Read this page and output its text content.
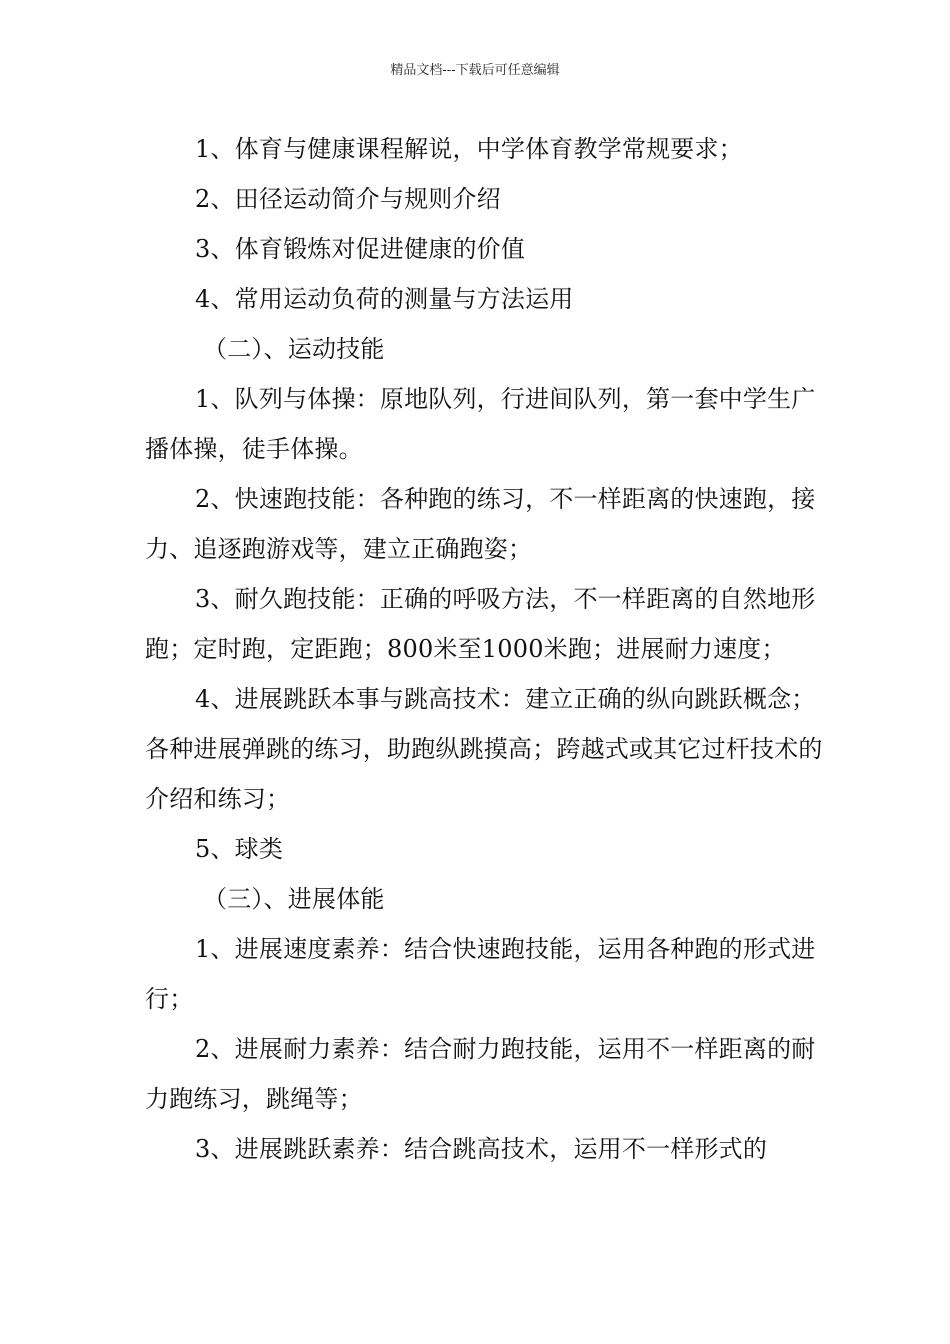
精品文档---下载后可任意编辑

1、体育与健康课程解说，中学体育教学常规要求；

2、田径运动简介与规则介绍

3、体育锻炼对促进健康的价值

4、常用运动负荷的测量与方法运用

（二）、运动技能

1、队列与体操：原地队列，行进间队列，第一套中学生广播体操，徒手体操。

2、快速跑技能：各种跑的练习，不一样距离的快速跑，接力、追逐跑游戏等，建立正确跑姿；

3、耐久跑技能：正确的呼吸方法，不一样距离的自然地形跑；定时跑，定距跑；800米至1000米跑；进展耐力速度；

4、进展跳跃本事与跳高技术：建立正确的纵向跳跃概念；各种进展弹跳的练习，助跑纵跳摸高；跨越式或其它过杆技术的介绍和练习；

5、球类

（三）、进展体能

1、进展速度素养：结合快速跑技能，运用各种跑的形式进行；

2、进展耐力素养：结合耐力跑技能，运用不一样距离的耐力跑练习，跳绳等；

3、进展跳跃素养：结合跳高技术，运用不一样形式的
